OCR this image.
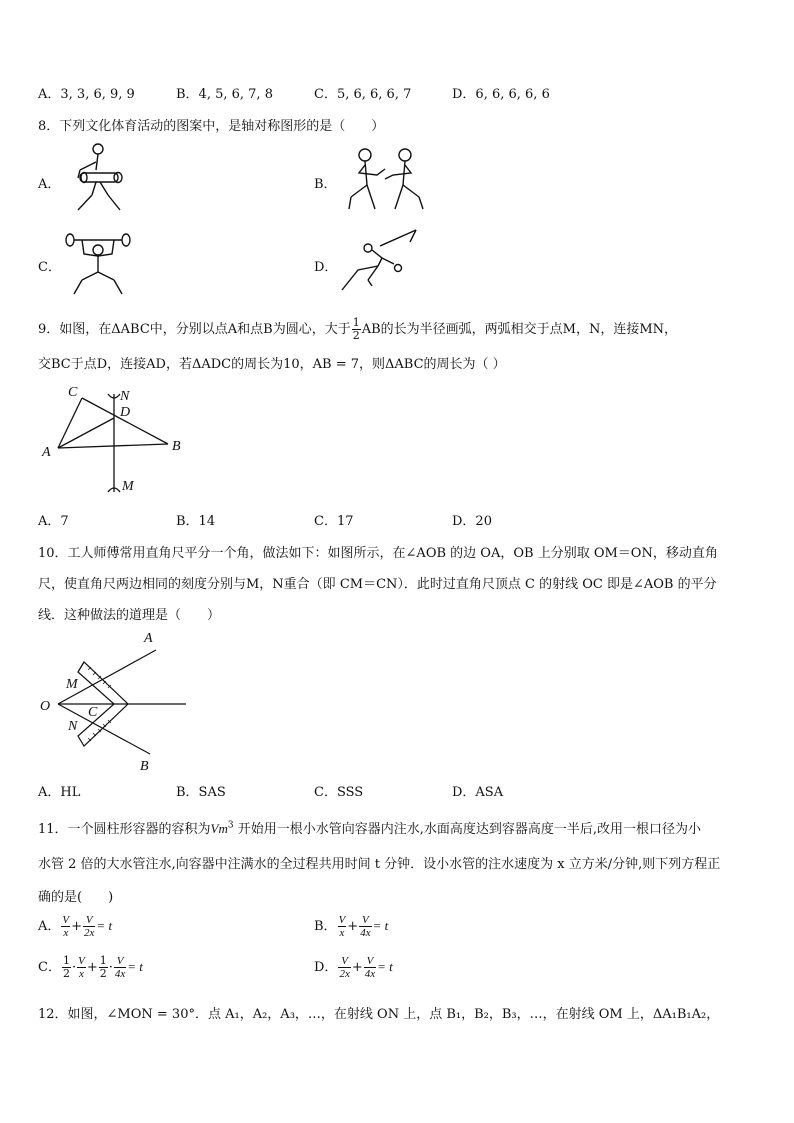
A．3, 3, 6, 9, 9	B．4, 5, 6, 7, 8	C．5, 6, 6, 6, 7	D．6, 6, 6, 6, 6
8．下列文化体育活动的图案中，是轴对称图形的是（　　）
A．	B．
C．	D．
9．如图，在ΔABC中，分别以点A和点B为圆心，大于 $\frac{1}{2}$ AB的长为半径画弧，两弧相交于点M，N，连接MN，
交BC于点D，连接AD，若ΔADC的周长为10，AB = 7，则ΔABC的周长为（ ）
C	N
D
A	B
M
A．7	B．14	C．17	D．20
10．工人师傅常用直角尺平分一个角，做法如下：如图所示，在∠AOB 的边 OA，OB 上分别取 OM＝ON，移动直角
尺，使直角尺两边相同的刻度分别与M，N重合（即 CM＝CN）．此时过直角尺顶点 C 的射线 OC 即是∠AOB 的平分
线．这种做法的道理是（　　）
A
M
O	C
N
B
A．HL	B．SAS	C．SSS	D．ASA
11．一个圆柱形容器的容积为Vm$^3$ 开始用一根小水管向容器内注水,水面高度达到容器高度一半后,改用一根口径为小
水管 2 倍的大水管注水,向容器中注满水的全过程共用时间 t 分钟．设小水管的注水速度为 x 立方米/分钟,则下列方程正
确的是(　　)
A． $\frac{V}{x} + \frac{V}{2x} = t$	B． $\frac{V}{x} + \frac{V}{4x} = t$
C． $\frac{1}{2} \cdot \frac{V}{x} + \frac{1}{2} \cdot \frac{V}{4x} = t$	D． $\frac{V}{2x} + \frac{V}{4x} = t$
12．如图，∠MON = 30°．点 A₁，A₂，A₃，…，在射线 ON 上，点 B₁，B₂，B₃，…，在射线 OM 上，ΔA₁B₁A₂，
